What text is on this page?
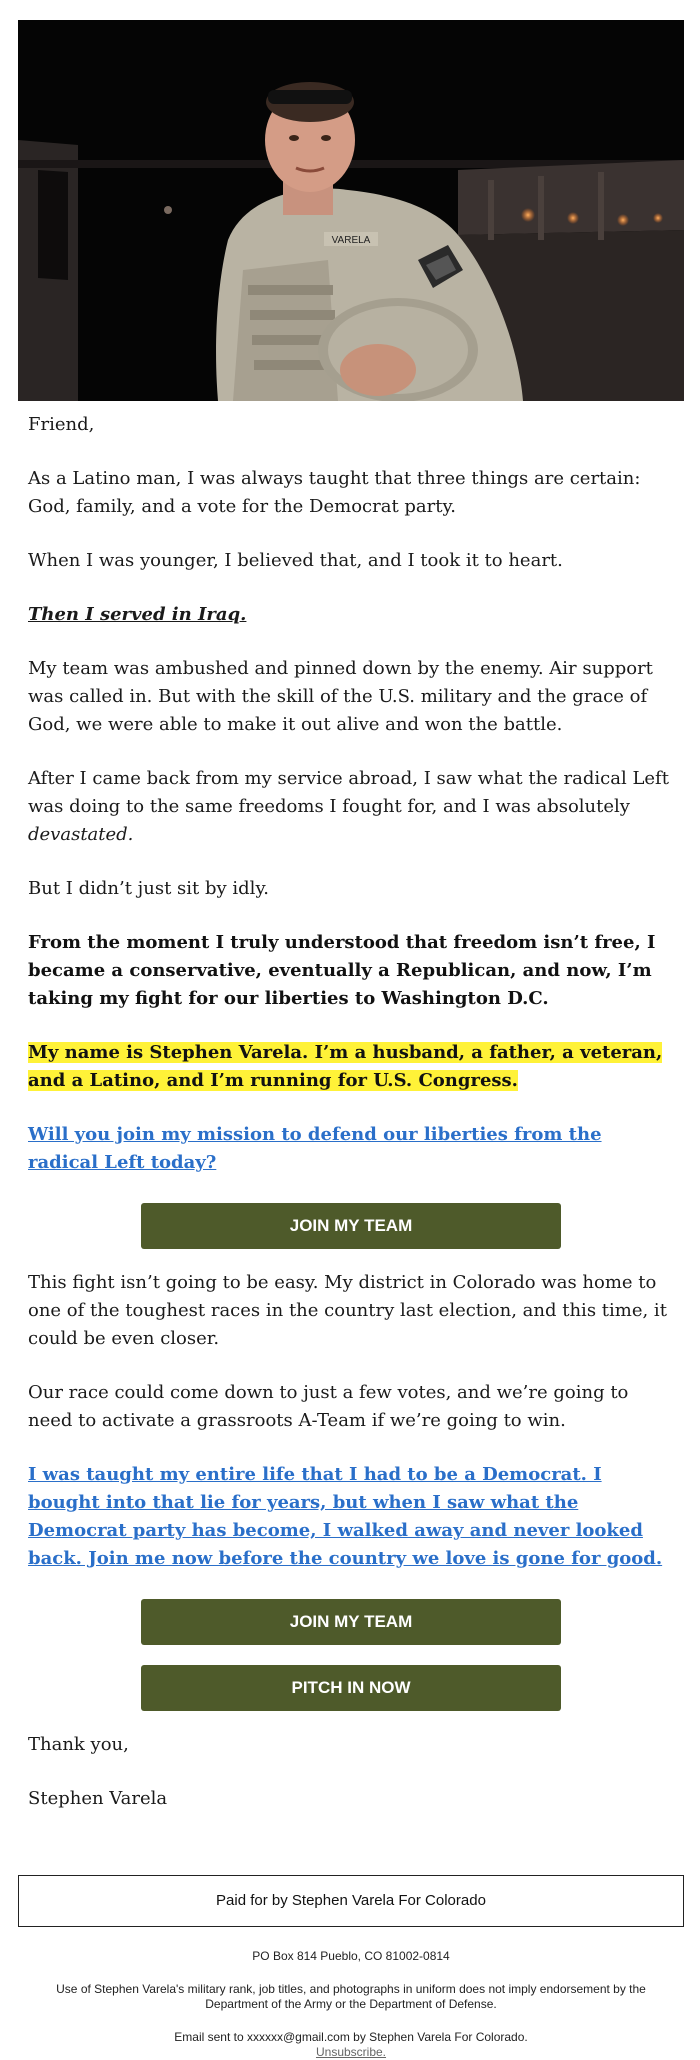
VARELA

Friend,

As a Latino man, I was always taught that three things are certain: God, family, and a vote for the Democrat party.

When I was younger, I believed that, and I took it to heart.

Then I served in Iraq.

My team was ambushed and pinned down by the enemy. Air support was called in. But with the skill of the U.S. military and the grace of God, we were able to make it out alive and won the battle.

After I came back from my service abroad, I saw what the radical Left was doing to the same freedoms I fought for, and I was absolutely devastated.

But I didn’t just sit by idly.

From the moment I truly understood that freedom isn’t free, I became a conservative, eventually a Republican, and now, I’m taking my fight for our liberties to Washington D.C.

My name is Stephen Varela. I’m a husband, a father, a veteran, and a Latino, and I’m running for U.S. Congress.

Will you join my mission to defend our liberties from the radical Left today?

JOIN MY TEAM

This fight isn’t going to be easy. My district in Colorado was home to one of the toughest races in the country last election, and this time, it could be even closer.

Our race could come down to just a few votes, and we’re going to need to activate a grassroots A-Team if we’re going to win.

I was taught my entire life that I had to be a Democrat. I bought into that lie for years, but when I saw what the Democrat party has become, I walked away and never looked back. Join me now before the country we love is gone for good.

JOIN MY TEAM
PITCH IN NOW

Thank you,

Stephen Varela

Paid for by Stephen Varela For Colorado
PO Box 814 Pueblo, CO 81002-0814
Use of Stephen Varela's military rank, job titles, and photographs in uniform does not imply endorsement by the Department of the Army or the Department of Defense.
Email sent to xxxxxx@gmail.com by Stephen Varela For Colorado.
Unsubscribe.
